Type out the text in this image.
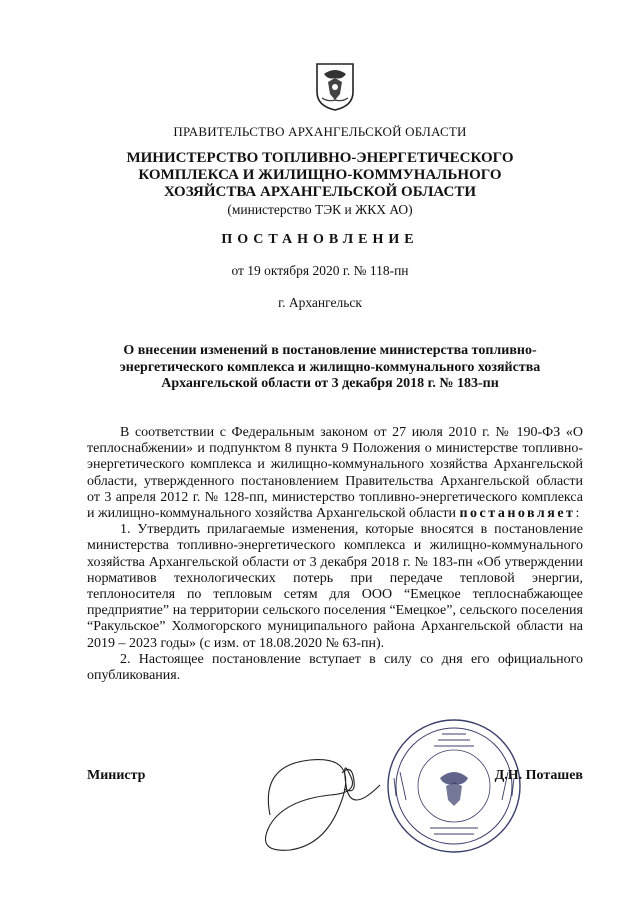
ПРАВИТЕЛЬСТВО АРХАНГЕЛЬСКОЙ ОБЛАСТИ
МИНИСТЕРСТВО ТОПЛИВНО-ЭНЕРГЕТИЧЕСКОГО
КОМПЛЕКСА И ЖИЛИЩНО-КОММУНАЛЬНОГО
ХОЗЯЙСТВА АРХАНГЕЛЬСКОЙ ОБЛАСТИ
(министерство ТЭК и ЖКХ АО)
ПОСТАНОВЛЕНИЕ
от 19 октября 2020 г. № 118-пн
г. Архангельск
О внесении изменений в постановление министерства топливно-
энергетического комплекса и жилищно-коммунального хозяйства
Архангельской области от 3 декабря 2018 г. № 183-пн

В соответствии с Федеральным законом от 27 июля 2010 г. № 190-ФЗ «О теплоснабжении» и подпунктом 8 пункта 9 Положения о министерстве топливно-энергетического комплекса и жилищно-коммунального хозяйства Архангельской области, утвержденного постановлением Правительства Архангельской области от 3 апреля 2012 г. № 128-пп, министерство топливно-энергетического комплекса и жилищно-коммунального хозяйства Архангельской области постановляет:

1. Утвердить прилагаемые изменения, которые вносятся в постановление министерства топливно-энергетического комплекса и жилищно-коммунального хозяйства Архангельской области от 3 декабря 2018 г. № 183-пн «Об утверждении нормативов технологических потерь при передаче тепловой энергии, теплоносителя по тепловым сетям для ООО “Емецкое теплоснабжающее предприятие” на территории сельского поселения “Емецкое”, сельского поселения “Ракульское” Холмогорского муниципального района Архангельской области на 2019 – 2023 годы» (с изм. от 18.08.2020 № 63-пн).

2. Настоящее постановление вступает в силу со дня его официального опубликования.

Министр	Д.Н. Поташев
